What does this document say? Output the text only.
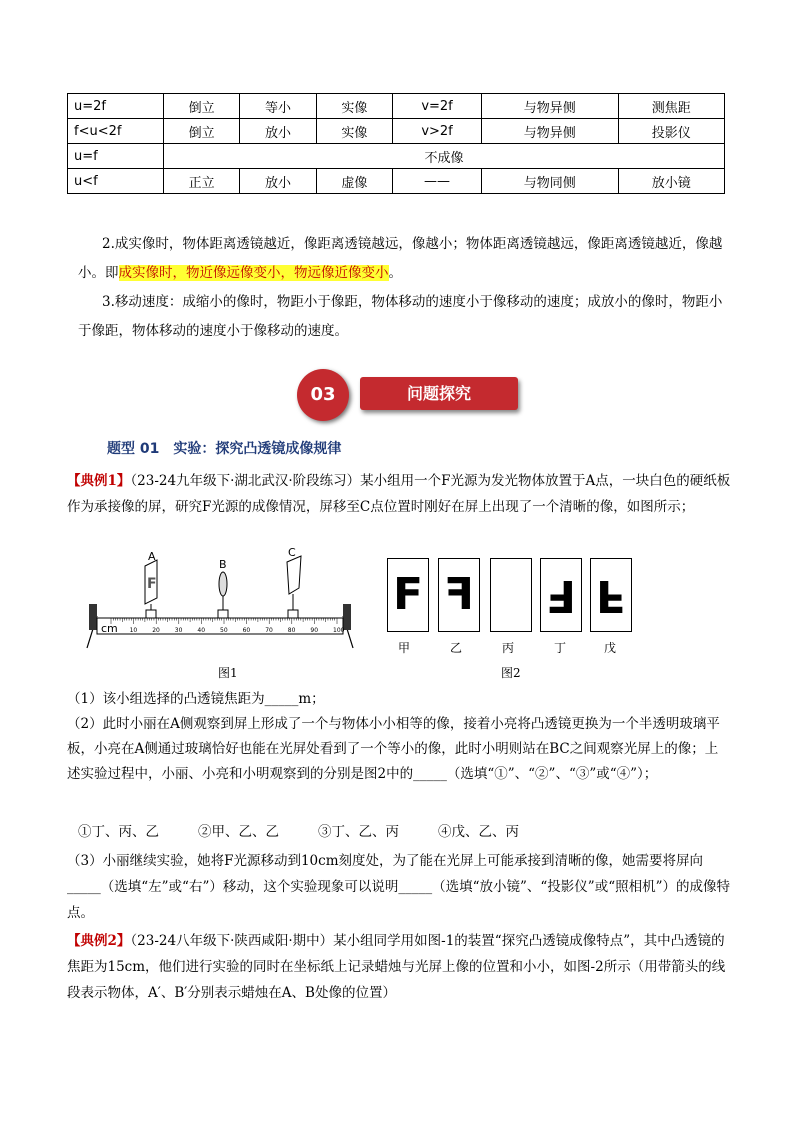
u=2f	倒立	等小	实像	v=2f	与物异侧	测焦距
f<u<2f	倒立	放小	实像	v>2f	与物异侧	投影仪
u=f	不成像					
u<f	正立	放小	虚像	——	与物同侧	放小镜
2.成实像时，物体距离透镜越近，像距离透镜越远，像越小；物体距离透镜越远，像距离透镜越近，像越小。即成实像时，物近像远像变小，物远像近像变小。
3.移动速度：成缩小的像时，物距小于像距，物体移动的速度小于像移动的速度；成放小的像时，物距小于像距，物体移动的速度小于像移动的速度。
03	问题探究
题型 01　实验：探究凸透镜成像规律
【典例1】（23-24九年级下·湖北武汉·阶段练习）某小组用一个F光源为发光物体放置于A点，一块白色的硬纸板作为承接像的屏，研究F光源的成像情况，屏移至C点位置时刚好在屏上出现了一个清晰的像，如图所示；
cm 10 20 30 40 50 60 70 80 90 100
F
A
B
C
图1
F F F F
甲	乙	丙	丁	戊
图2
（1）该小组选择的凸透镜焦距为_____m；
（2）此时小丽在A侧观察到屏上形成了一个与物体小小相等的像，接着小亮将凸透镜更换为一个半透明玻璃平板，小亮在A侧通过玻璃恰好也能在光屏处看到了一个等小的像，此时小明则站在BC之间观察光屏上的像；上述实验过程中，小丽、小亮和小明观察到的分别是图2中的_____（选填“①”、“②”、“③”或“④”）；
①丁、丙、乙	②甲、乙、乙	③丁、乙、丙	④戊、乙、丙
（3）小丽继续实验，她将F光源移动到10cm刻度处，为了能在光屏上可能承接到清晰的像，她需要将屏向_____（选填“左”或“右”）移动，这个实验现象可以说明_____（选填“放小镜”、“投影仪”或“照相机”）的成像特点。
【典例2】（23-24八年级下·陕西咸阳·期中）某小组同学用如图-1的装置“探究凸透镜成像特点”，其中凸透镜的焦距为15cm，他们进行实验的同时在坐标纸上记录蜡烛与光屏上像的位置和小小，如图-2所示（用带箭头的线段表示物体，A′、B′分别表示蜡烛在A、B处像的位置）
